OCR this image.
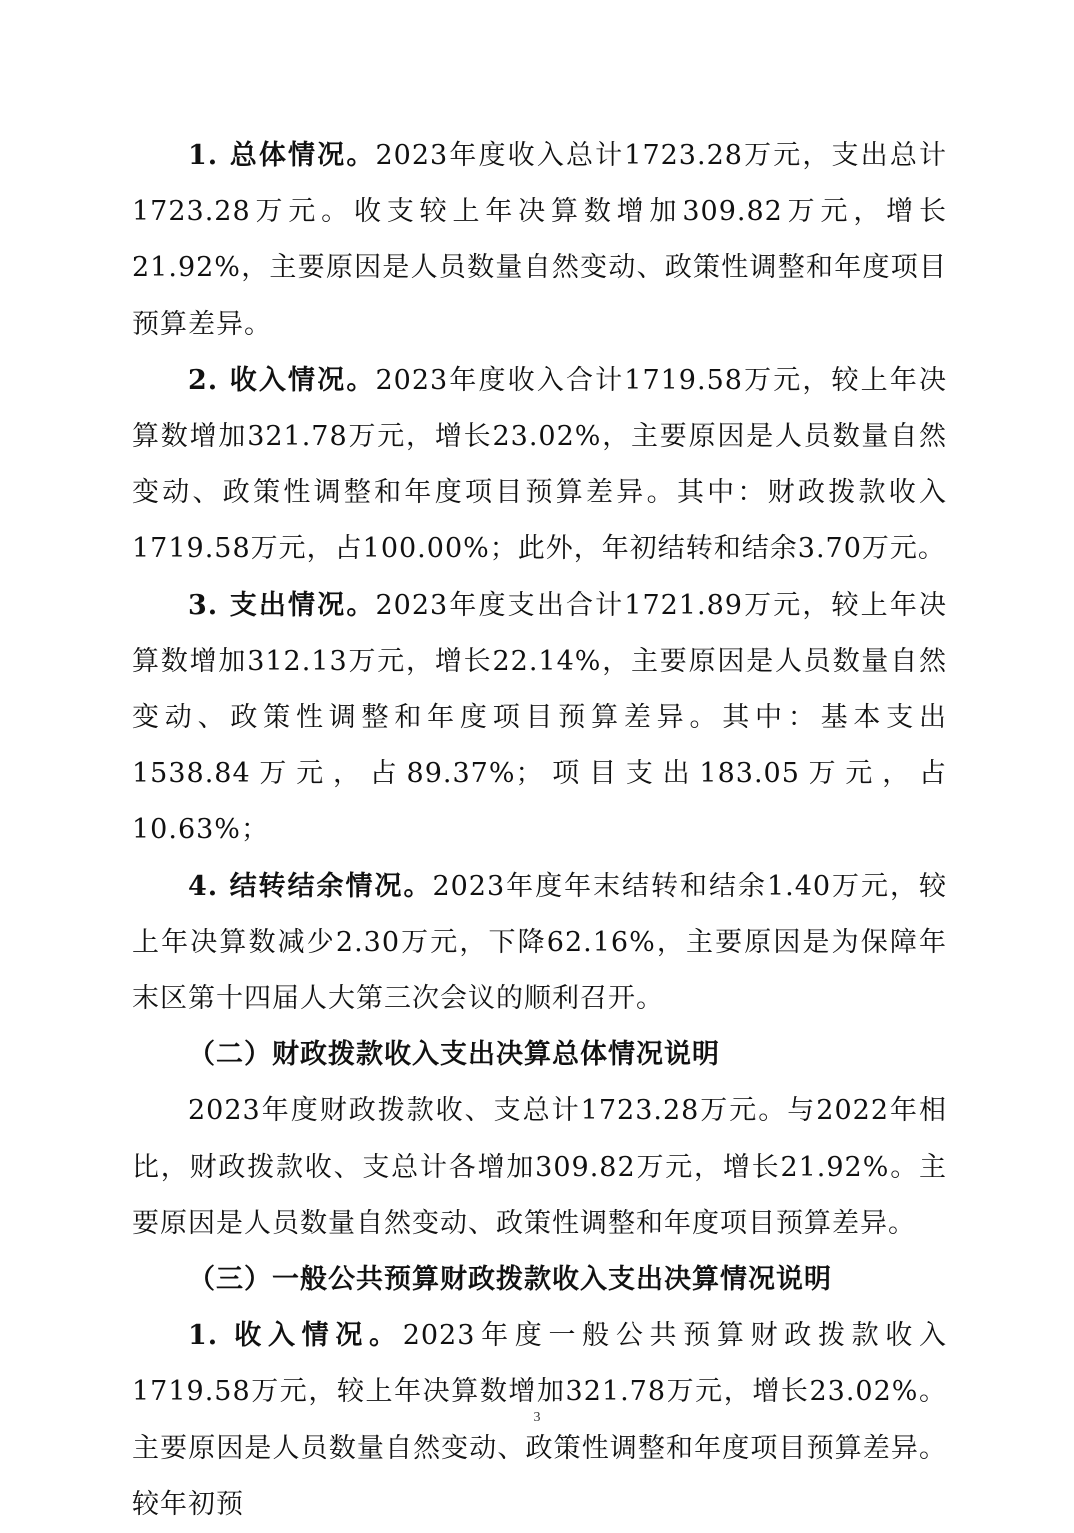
1. 总体情况。2023年度收入总计1723.28万元，支出总计1723.28万元。收支较上年决算数增加309.82万元，增长21.92%，主要原因是人员数量自然变动、政策性调整和年度项目预算差异。

2. 收入情况。2023年度收入合计1719.58万元，较上年决算数增加321.78万元，增长23.02%，主要原因是人员数量自然变动、政策性调整和年度项目预算差异。其中：财政拨款收入1719.58万元，占100.00%；此外，年初结转和结余3.70万元。

3. 支出情况。2023年度支出合计1721.89万元，较上年决算数增加312.13万元，增长22.14%，主要原因是人员数量自然变动、政策性调整和年度项目预算差异。其中：基本支出1538.84万元，占89.37%；项目支出183.05万元，占10.63%；

4. 结转结余情况。2023年度年末结转和结余1.40万元，较上年决算数减少2.30万元，下降62.16%，主要原因是为保障年末区第十四届人大第三次会议的顺利召开。

（二）财政拨款收入支出决算总体情况说明

2023年度财政拨款收、支总计1723.28万元。与2022年相比，财政拨款收、支总计各增加309.82万元，增长21.92%。主要原因是人员数量自然变动、政策性调整和年度项目预算差异。

（三）一般公共预算财政拨款收入支出决算情况说明

1. 收入情况。2023年度一般公共预算财政拨款收入1719.58万元，较上年决算数增加321.78万元，增长23.02%。主要原因是人员数量自然变动、政策性调整和年度项目预算差异。较年初预

3
